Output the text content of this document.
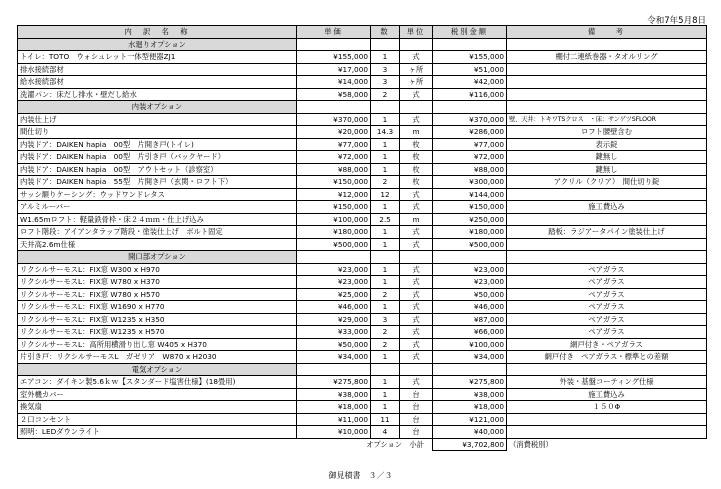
令和7年5月8日
内　訳　名　称	単価	数	単位	税別金額	備　　考
水廻りオプション					
トイレ：TOTO　ウォシュレット一体型便器ZJ1	¥155,000	1	式	¥155,000	棚付二連紙巻器・タオルリング
排水接続部材	¥17,000	3	ヶ所	¥51,000	
給水接続部材	¥14,000	3	ヶ所	¥42,000	
洗濯パン：床だし排水・壁だし給水	¥58,000	2	式	¥116,000	
内装オプション					
内装仕上げ	¥370,000	1	式	¥370,000	壁、天井：トキワTSクロス　・床：サンゲツSFLOOR
間仕切り	¥20,000	14.3	m	¥286,000	ロフト腰壁含む
内装ドア：DAIKEN hapia　00型　片開き戸(トイレ)	¥77,000	1	枚	¥77,000	表示錠
内装ドア：DAIKEN hapia　00型　片引き戸（バックヤード）	¥72,000	1	枚	¥72,000	鍵無し
内装ドア：DAIKEN hapia　00型　アウトセット（診察室）	¥88,000	1	枚	¥88,000	鍵無し
内装ドア：DAIKEN hapia　55型　片開き戸（玄関・ロフト下）	¥150,000	2	枚	¥300,000	アクリル（クリア）　間仕切り錠
サッシ額りケーシング：ウッドワンドレタス	¥12,000	12	式	¥144,000	
アルミルーバー	¥150,000	1	式	¥150,000	施工費込み
W1.65mロフト：軽量鉄骨枠・床２４ｍｍ・仕上げ込み	¥100,000	2.5	m	¥250,000	
ロフト階段：アイアンタラップ階段・塗装仕上げ　ボルト固定	¥180,000	1	式	¥180,000	踏板：ラジアータパイン塗装仕上げ
天井高2.6m仕様	¥500,000	1	式	¥500,000	
開口部オプション					
リクシルサーモスL：FIX窓 W300 x H970	¥23,000	1	式	¥23,000	ペアガラス
リクシルサーモスL：FIX窓 W780 x H370	¥23,000	1	式	¥23,000	ペアガラス
リクシルサーモスL：FIX窓 W780 x H570	¥25,000	2	式	¥50,000	ペアガラス
リクシルサーモスL：FIX窓 W1690 x H770	¥46,000	1	式	¥46,000	ペアガラス
リクシルサーモスL：FIX窓 W1235 x H350	¥29,000	3	式	¥87,000	ペアガラス
リクシルサーモスL：FIX窓 W1235 x H570	¥33,000	2	式	¥66,000	ペアガラス
リクシルサーモスL：高所用横滑り出し窓 W405 x H370	¥50,000	2	式	¥100,000	網戸付き・ペアガラス
片引き戸：リクシルサーモスL　ガゼリア　W870 x H2030	¥34,000	1	式	¥34,000	網戸付き　ペアガラス・標準との差額
電気オプション					
エアコン：ダイキン製5.6ｋｗ【スタンダード塩害仕様】(18畳用)	¥275,800	1	式	¥275,800	外装・基盤コーティング仕様
室外機カバー	¥38,000	1	台	¥38,000	施工費込み
換気扇	¥18,000	1	台	¥18,000	１５０Φ
２口コンセント	¥11,000	11	台	¥121,000	
照明：LEDダウンライト	¥10,000	4	台	¥40,000	
オプション　小計				¥3,702,800	（消費税別）
御見積書　３／３
